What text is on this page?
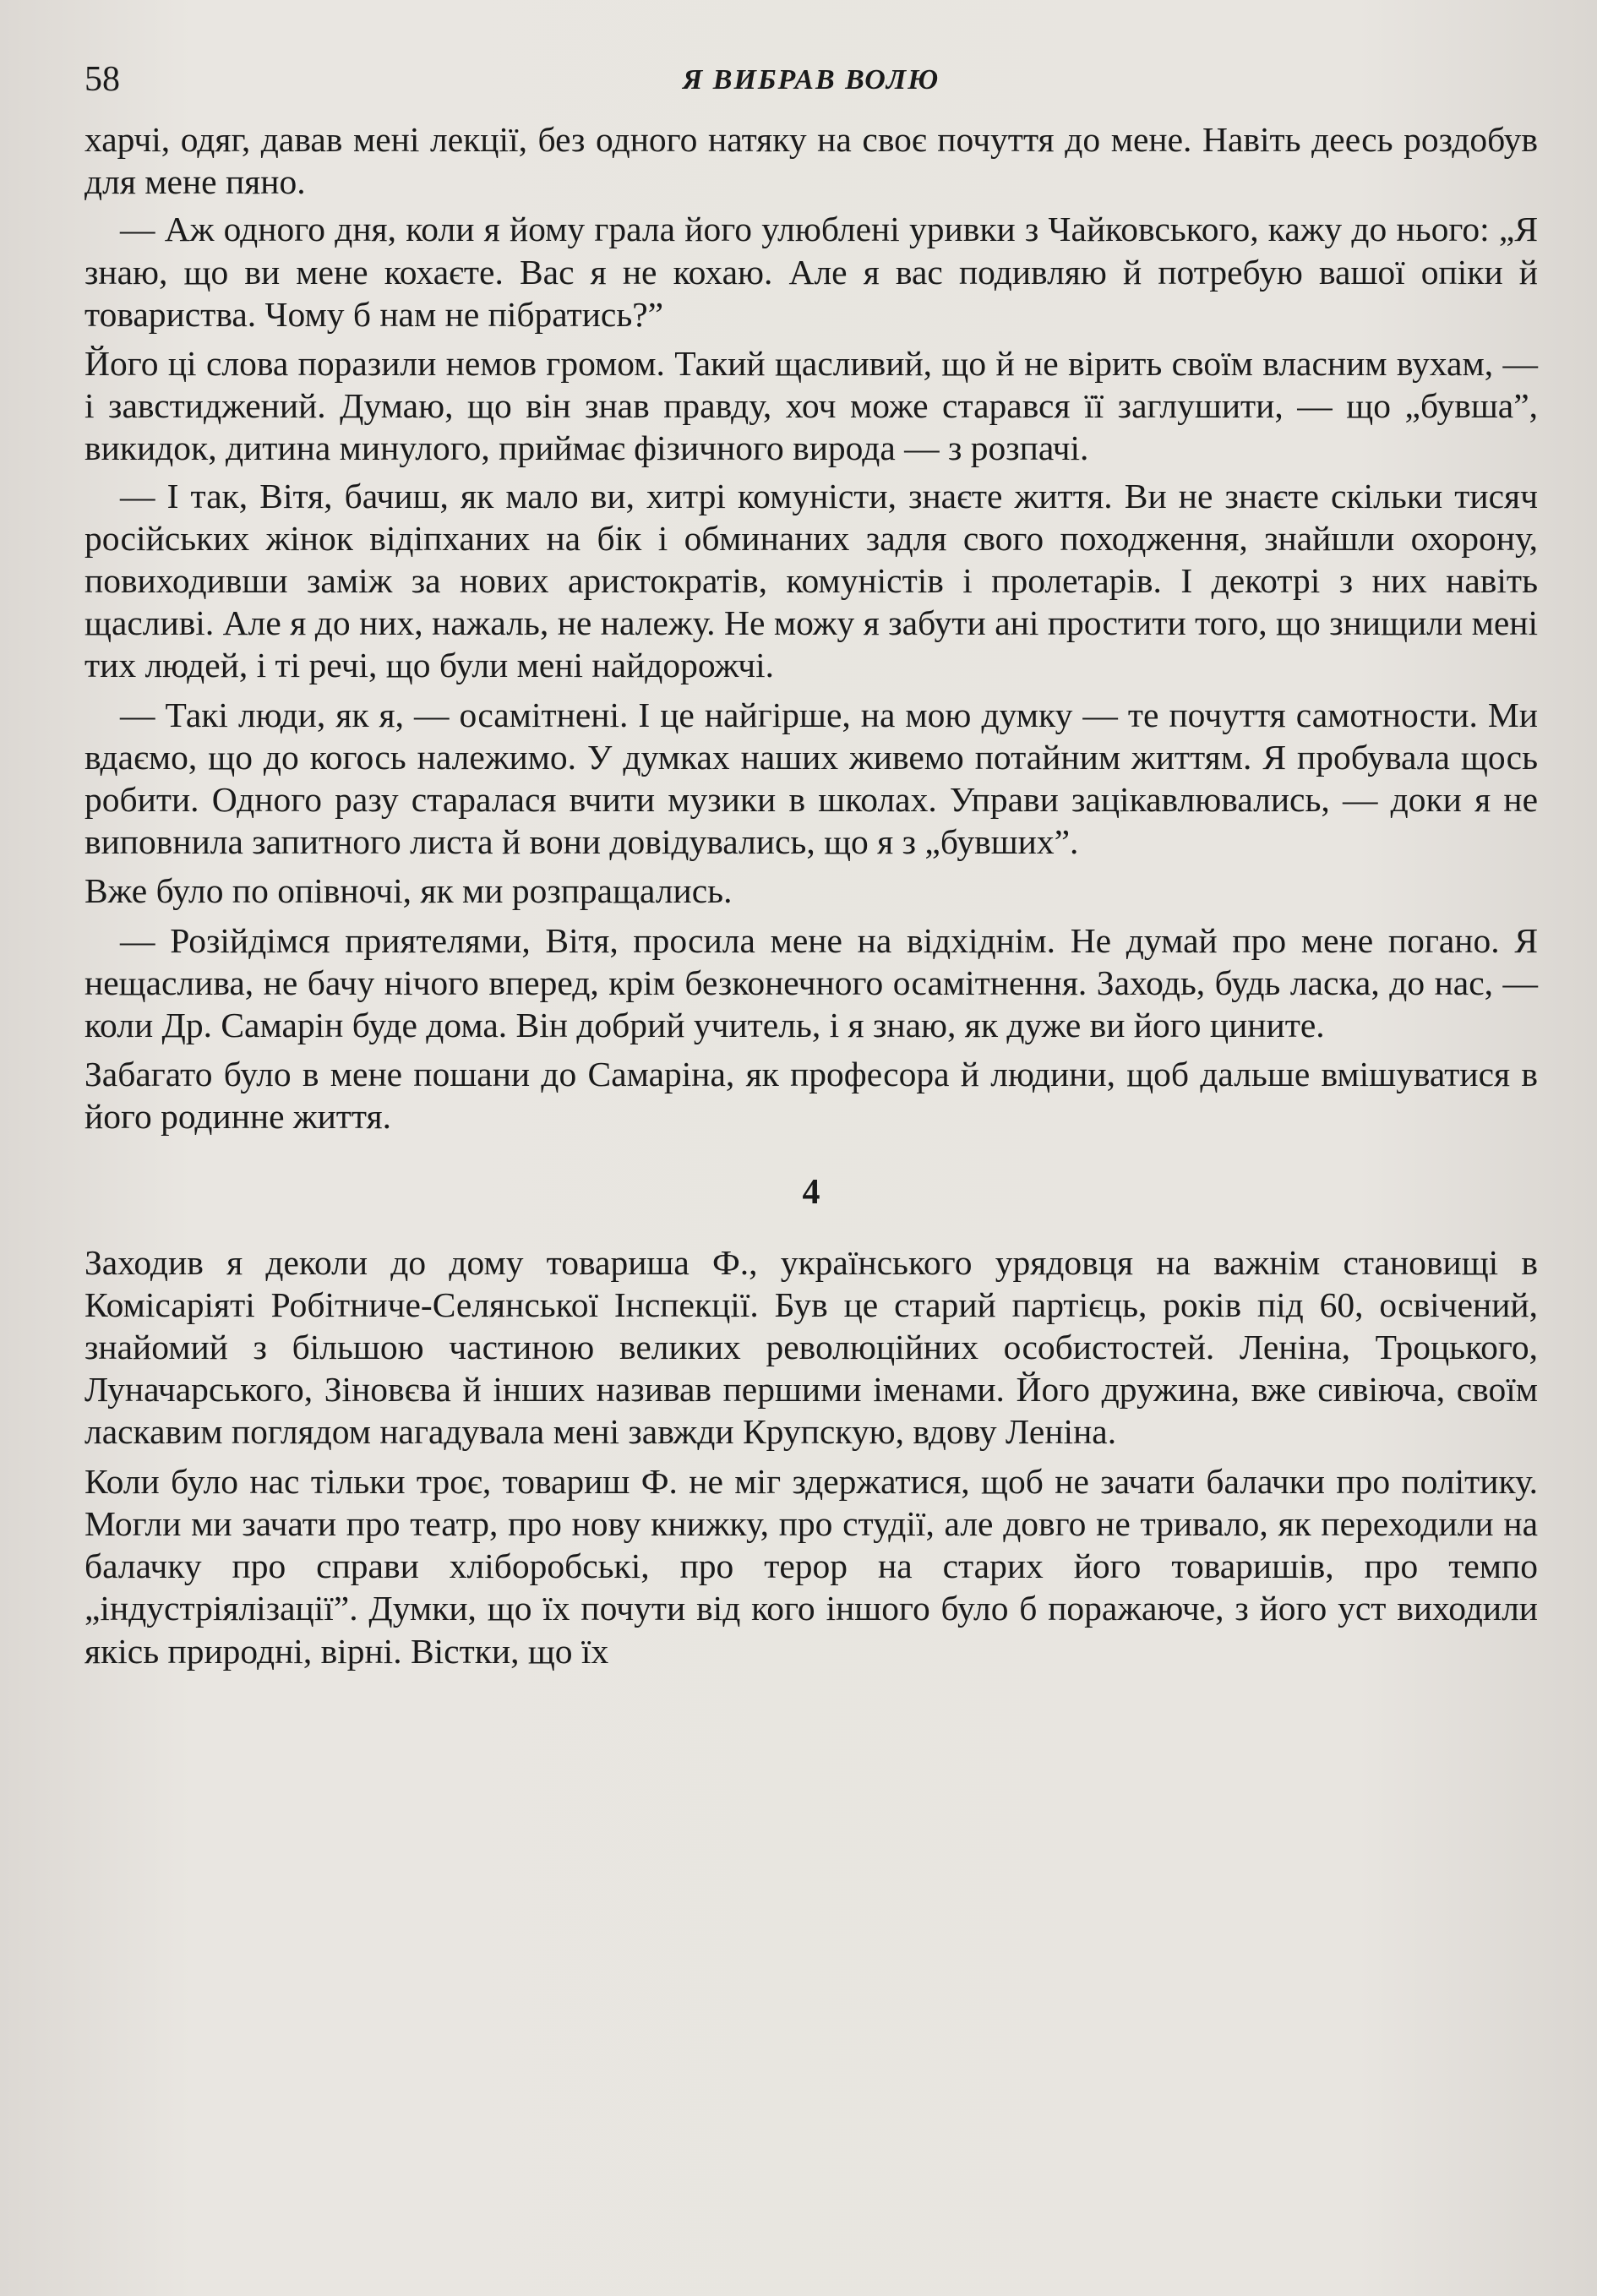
58	Я ВИБРАВ ВОЛЮ

харчі, одяг, давав мені лекції, без одного натяку на своє почуття до мене. Навіть деесь роздобув для мене пяно.

— Аж одного дня, коли я йому грала його улюблені уривки з Чайковського, кажу до нього: „Я знаю, що ви мене кохаєте. Вас я не кохаю. Але я вас подивляю й потребую вашої опіки й товариства. Чому б нам не пібратись?”

Його ці слова поразили немов громом. Такий щасливий, що й не вірить своїм власним вухам, — і завстиджений. Думаю, що він знав правду, хоч може старався її заглушити, — що „бувша”, викидок, дитина минулого, приймає фізичного вирода — з розпачі.

— І так, Вітя, бачиш, як мало ви, хитрі комуністи, знаєте життя. Ви не знаєте скільки тисяч російських жінок відіпханих на бік і обминаних задля свого походження, знайшли охорону, повиходивши заміж за нових аристократів, комуністів і пролетарів. І декотрі з них навіть щасливі. Але я до них, нажаль, не належу. Не можу я забути ані простити того, що знищили мені тих людей, і ті речі, що були мені найдорожчі.

— Такі люди, як я, — осамітнені. І це найгірше, на мою думку — те почуття самотности. Ми вдаємо, що до когось належимо. У думках наших живемо потайним життям. Я пробувала щось робити. Одного разу старалася вчити музики в школах. Управи зацікавлювались, — доки я не виповнила запитного листа й вони довідувались, що я з „бувших”.

Вже було по опівночі, як ми розпращались.

— Розійдімся приятелями, Вітя, просила мене на відхіднім. Не думай про мене погано. Я нещаслива, не бачу нічого вперед, крім безконечного осамітнення. Заходь, будь ласка, до нас, — коли Др. Самарін буде дома. Він добрий учитель, і я знаю, як дуже ви його цините.

Забагато було в мене пошани до Самаріна, як професора й людини, щоб дальше вмішуватися в його родинне життя.

4

Заходив я деколи до дому товариша Ф., українського урядовця на важнім становищі в Комісаріяті Робітниче-Селянської Інспекції. Був це старий партієць, років під 60, освічений, знайомий з більшою частиною великих революційних особистостей. Леніна, Троцького, Луначарського, Зіновєва й інших називав першими іменами. Його дружина, вже сивіюча, своїм ласкавим поглядом нагадувала мені завжди Крупскую, вдову Леніна.

Коли було нас тільки троє, товариш Ф. не міг здержатися, щоб не зачати балачки про політику. Могли ми зачати про театр, про нову книжку, про студії, але довго не тривало, як переходили на балачку про справи хліборобські, про терор на старих його товаришів, про темпо „індустріялізації”. Думки, що їх почути від кого іншого було б поражаюче, з його уст виходили якісь природні, вірні. Вістки, що їх
